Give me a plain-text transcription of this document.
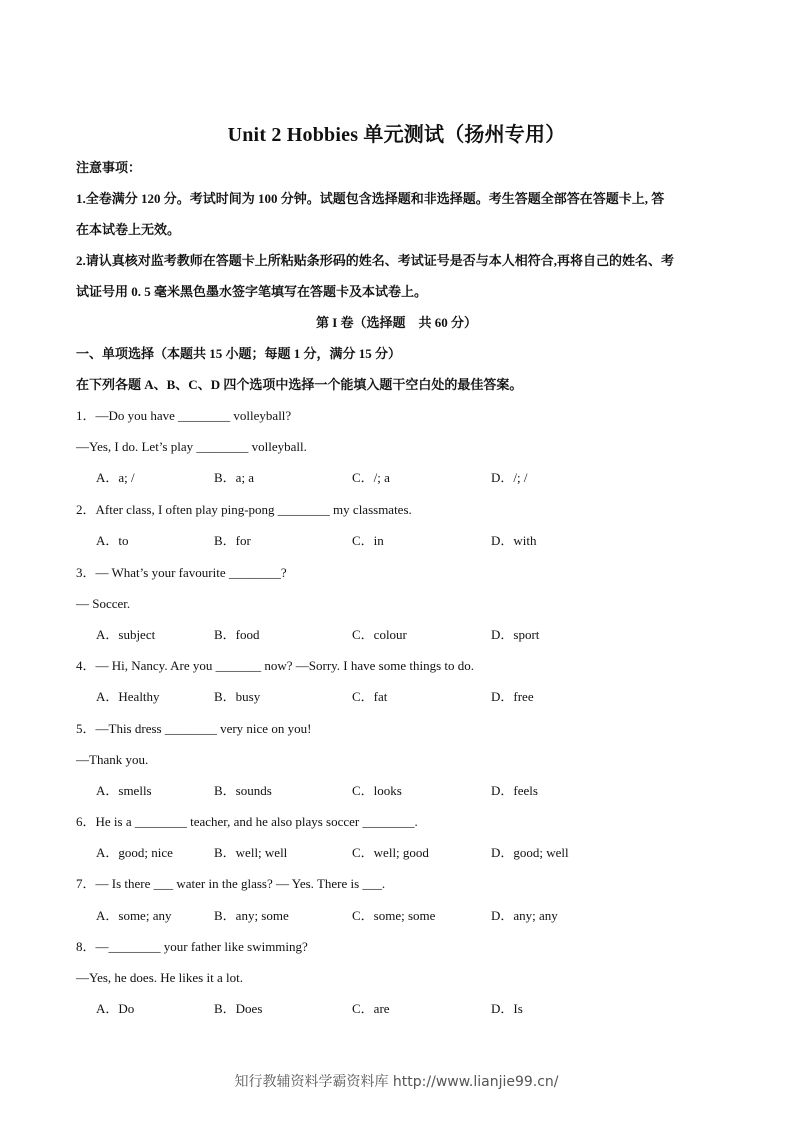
Unit 2 Hobbies 单元测试（扬州专用）
注意事项：
1.全卷满分 120 分。考试时间为 100 分钟。试题包含选择题和非选择题。考生答题全部答在答题卡上, 答
在本试卷上无效。
2.请认真核对监考教师在答题卡上所粘贴条形码的姓名、考试证号是否与本人相符合,再将自己的姓名、考
试证号用 0. 5 毫米黑色墨水签字笔填写在答题卡及本试卷上。
第 I 卷（选择题　共 60 分）
一、单项选择（本题共 15 小题；每题 1 分，满分 15 分）
在下列各题 A、B、C、D 四个选项中选择一个能填入题干空白处的最佳答案。
1．—Do you have ________ volleyball?
—Yes, I do. Let’s play ________ volleyball.
A．a; /	B．a; a	C．/; a	D．/; /
2．After class, I often play ping-pong ________ my classmates.
A．to	B．for	C．in	D．with
3．— What’s your favourite ________?
— Soccer.
A．subject	B．food	C．colour	D．sport
4．— Hi, Nancy. Are you _______ now? —Sorry. I have some things to do.
A．Healthy	B．busy	C．fat	D．free
5．—This dress ________ very nice on you!
—Thank you.
A．smells	B．sounds	C．looks	D．feels
6．He is a ________ teacher, and he also plays soccer ________.
A．good; nice	B．well; well	C．well; good	D．good; well
7．— Is there ___ water in the glass? — Yes. There is ___.
A．some; any	B．any; some	C．some; some	D．any; any
8．—________ your father like swimming?
—Yes, he does. He likes it a lot.
A．Do	B．Does	C．are	D．Is
知行教辅资料学霸资料库 http://www.lianjie99.cn/
